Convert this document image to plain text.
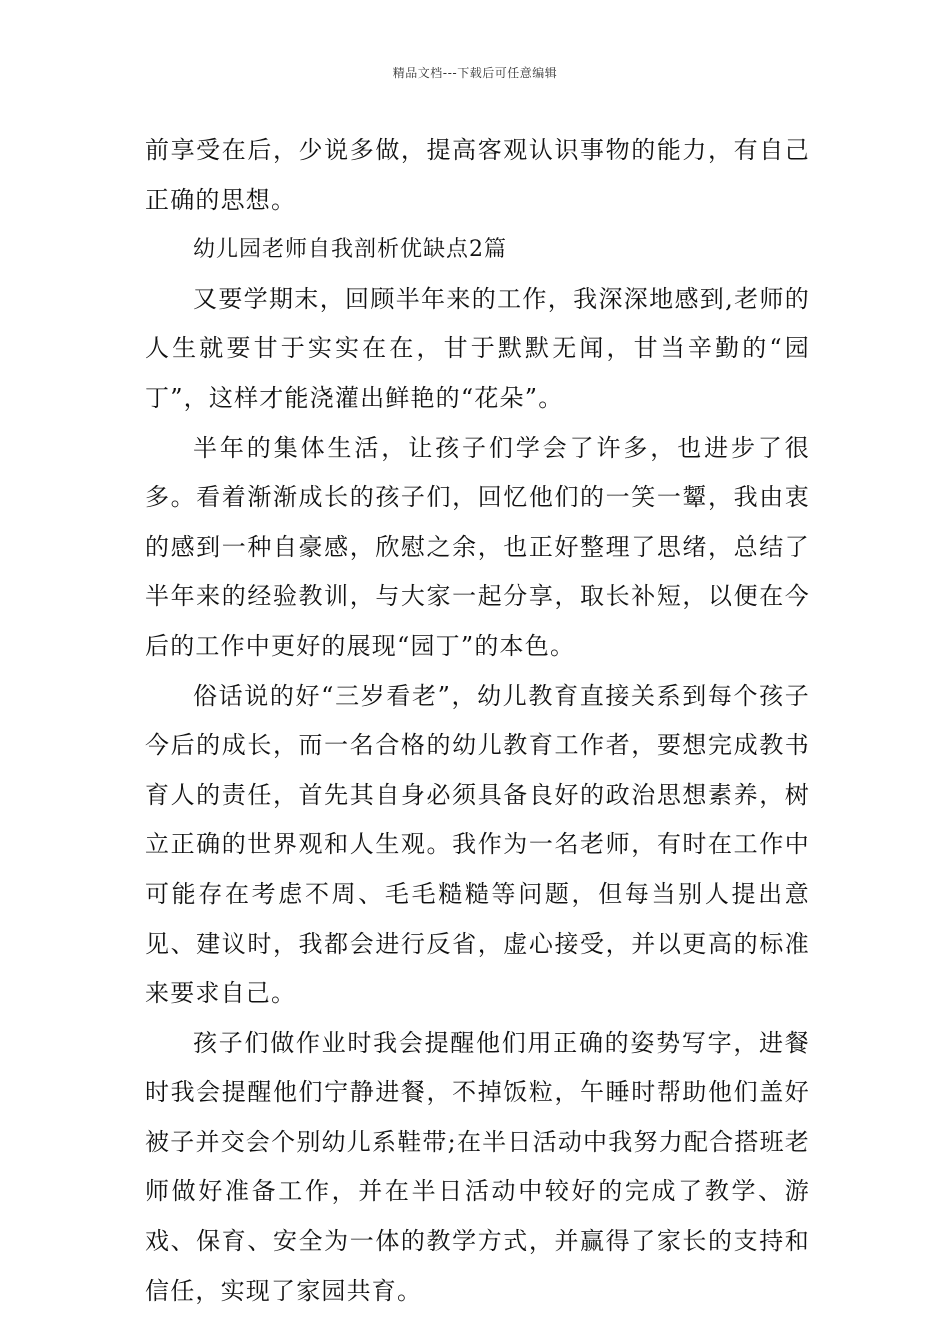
精品文档---下载后可任意编辑

前享受在后，少说多做，提高客观认识事物的能力，有自己正确的思想。

幼儿园老师自我剖析优缺点2篇

又要学期末，回顾半年来的工作，我深深地感到,老师的人生就要甘于实实在在，甘于默默无闻，甘当辛勤的“园丁”，这样才能浇灌出鲜艳的“花朵”。

半年的集体生活，让孩子们学会了许多，也进步了很多。看着渐渐成长的孩子们，回忆他们的一笑一颦，我由衷的感到一种自豪感，欣慰之余，也正好整理了思绪，总结了半年来的经验教训，与大家一起分享，取长补短，以便在今后的工作中更好的展现“园丁”的本色。

俗话说的好“三岁看老”，幼儿教育直接关系到每个孩子今后的成长，而一名合格的幼儿教育工作者，要想完成教书育人的责任，首先其自身必须具备良好的政治思想素养，树立正确的世界观和人生观。我作为一名老师，有时在工作中可能存在考虑不周、毛毛糙糙等问题，但每当别人提出意见、建议时，我都会进行反省，虚心接受，并以更高的标准来要求自己。

孩子们做作业时我会提醒他们用正确的姿势写字，进餐时我会提醒他们宁静进餐，不掉饭粒，午睡时帮助他们盖好被子并交会个别幼儿系鞋带;在半日活动中我努力配合搭班老师做好准备工作，并在半日活动中较好的完成了教学、游戏、保育、安全为一体的教学方式，并赢得了家长的支持和信任，实现了家园共育。
